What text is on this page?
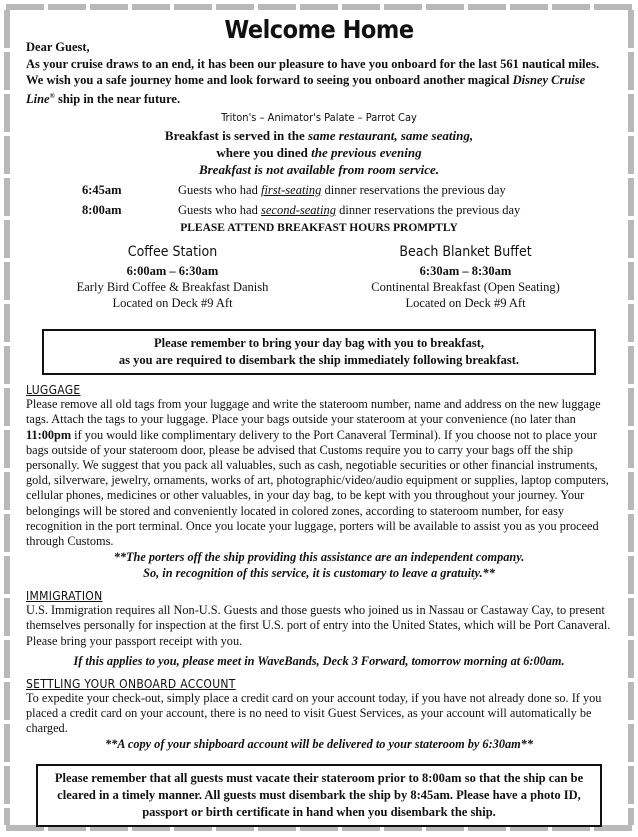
Dear Guest,
Welcome Home
As your cruise draws to an end, it has been our pleasure to have you onboard for the last 561 nautical miles. We wish you a safe journey home and look forward to seeing you onboard another magical Disney Cruise Line® ship in the near future.
Triton's – Animator's Palate – Parrot Cay
Breakfast is served in the same restaurant, same seating,
where you dined the previous evening
Breakfast is not available from room service.
6:45am	Guests who had first-seating dinner reservations the previous day
8:00am	Guests who had second-seating dinner reservations the previous day
PLEASE ATTEND BREAKFAST HOURS PROMPTLY
Coffee Station
6:00am – 6:30am
Early Bird Coffee & Breakfast Danish
Located on Deck #9 Aft
Beach Blanket Buffet
6:30am – 8:30am
Continental Breakfast (Open Seating)
Located on Deck #9 Aft
Please remember to bring your day bag with you to breakfast,
as you are required to disembark the ship immediately following breakfast.
LUGGAGE
Please remove all old tags from your luggage and write the stateroom number, name and address on the new luggage tags. Attach the tags to your luggage. Place your bags outside your stateroom at your convenience (no later than 11:00pm if you would like complimentary delivery to the Port Canaveral Terminal). If you choose not to place your bags outside of your stateroom door, please be advised that Customs require you to carry your bags off the ship personally. We suggest that you pack all valuables, such as cash, negotiable securities or other financial instruments, gold, silverware, jewelry, ornaments, works of art, photographic/video/audio equipment or supplies, laptop computers, cellular phones, medicines or other valuables, in your day bag, to be kept with you throughout your journey. Your belongings will be stored and conveniently located in colored zones, according to stateroom number, for easy recognition in the port terminal. Once you locate your luggage, porters will be available to assist you as you proceed through Customs.
**The porters off the ship providing this assistance are an independent company.
So, in recognition of this service, it is customary to leave a gratuity.**
IMMIGRATION
U.S. Immigration requires all Non-U.S. Guests and those guests who joined us in Nassau or Castaway Cay, to present themselves personally for inspection at the first U.S. port of entry into the United States, which will be Port Canaveral. Please bring your passport receipt with you.
If this applies to you, please meet in WaveBands, Deck 3 Forward, tomorrow morning at 6:00am.
SETTLING YOUR ONBOARD ACCOUNT
To expedite your check-out, simply place a credit card on your account today, if you have not already done so. If you placed a credit card on your account, there is no need to visit Guest Services, as your account will automatically be charged.
**A copy of your shipboard account will be delivered to your stateroom by 6:30am**
Please remember that all guests must vacate their stateroom prior to 8:00am so that the ship can be cleared in a timely manner. All guests must disembark the ship by 8:45am. Please have a photo ID, passport or birth certificate in hand when you disembark the ship.
